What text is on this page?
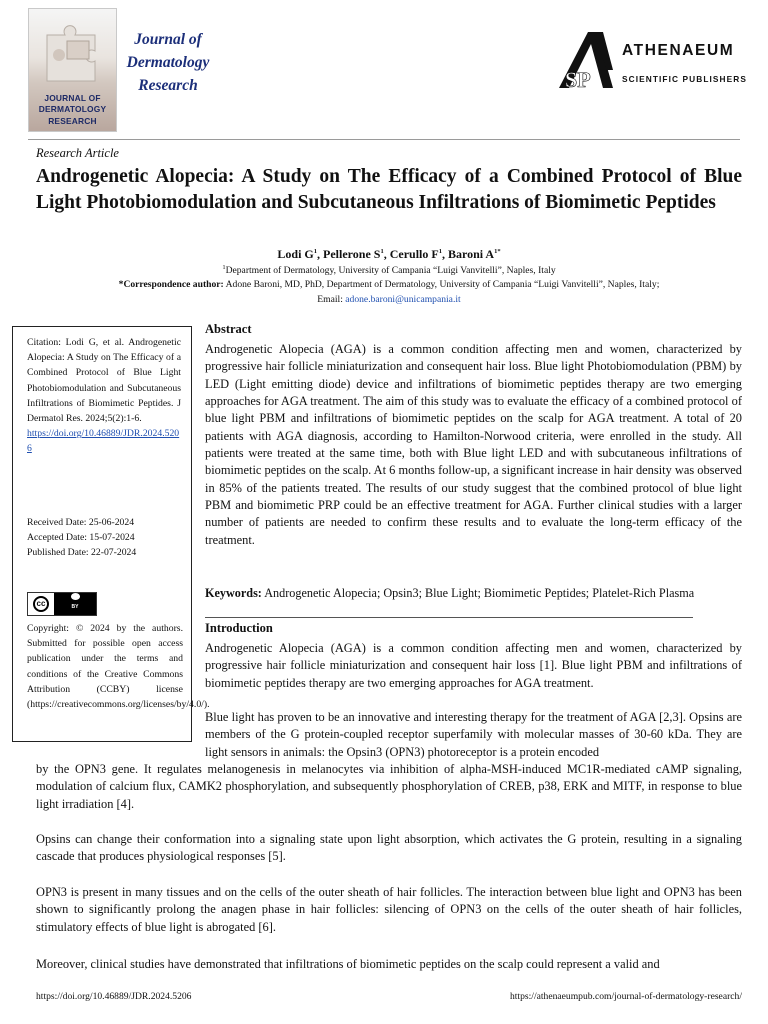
JOURNAL OF
DERMATOLOGY
RESEARCH
Journal of
Dermatology
Research	SP
ATHENAEUM
SCIENTIFIC PUBLISHERS
Research Article
Androgenetic Alopecia: A Study on The Efficacy of a Combined Protocol of Blue Light Photobiomodulation and Subcutaneous Infiltrations of Biomimetic Peptides
Lodi $G^1$, Pellerone $S^1$, Cerullo $F^1$, Baroni $A^{1*}$
$^1$Department of Dermatology, University of Campania “Luigi Vanvitelli”, Naples, Italy
*Correspondence author: Adone Baroni, MD, PhD, Department of Dermatology, University of Campania “Luigi Vanvitelli”, Naples, Italy;
Email: adone.baroni@unicampania.it
Citation: Lodi G, et al. Androgenetic Alopecia: A Study on The Efficacy of a Combined Protocol of Blue Light Photobiomodulation and Subcutaneous Infiltrations of Biomimetic Peptides. J Dermatol Res. 2024;5(2):1-6.
https://doi.org/10.46889/JDR.2024.5206
Received Date: 25-06-2024
Accepted Date: 15-07-2024
Published Date: 22-07-2024
cc	BY
Copyright: © 2024 by the authors. Submitted for possible open access publication under the terms and conditions of the Creative Commons Attribution (CCBY) license (https://creativecommons.org/licenses/by/4.0/).
Abstract

Androgenetic Alopecia (AGA) is a common condition affecting men and women, characterized by progressive hair follicle miniaturization and consequent hair loss. Blue light Photobiomodulation (PBM) by LED (Light emitting diode) device and infiltrations of biomimetic peptides therapy are two emerging approaches for AGA treatment. The aim of this study was to evaluate the efficacy of a combined protocol of blue light PBM and infiltrations of biomimetic peptides on the scalp for AGA treatment. A total of 20 patients with AGA diagnosis, according to Hamilton-Norwood criteria, were enrolled in the study. All patients were treated at the same time, both with Blue light LED and with subcutaneous infiltrations of biomimetic peptides on the scalp. At 6 months follow-up, a significant increase in hair density was observed in 85% of the patients treated. The results of our study suggest that the combined protocol of blue light PBM and biomimetic PRP could be an effective treatment for AGA. Further clinical studies with a larger number of patients are needed to confirm these results and to evaluate the long-term efficacy of the treatment.

Keywords: Androgenetic Alopecia; Opsin3; Blue Light; Biomimetic Peptides; Platelet-Rich Plasma
Introduction

Androgenetic Alopecia (AGA) is a common condition affecting men and women, characterized by progressive hair follicle miniaturization and consequent hair loss [1]. Blue light PBM and infiltrations of biomimetic peptides therapy are two emerging approaches for AGA treatment.

Blue light has proven to be an innovative and interesting therapy for the treatment of AGA [2,3]. Opsins are members of the G protein-coupled receptor superfamily with molecular masses of 30-60 kDa. They are light sensors in animals: the Opsin3 (OPN3) photoreceptor is a protein encoded

by the OPN3 gene. It regulates melanogenesis in melanocytes via inhibition of alpha-MSH-induced MC1R-mediated cAMP signaling, modulation of calcium flux, CAMK2 phosphorylation, and subsequently phosphorylation of CREB, p38, ERK and MITF, in response to blue light irradiation [4].

Opsins can change their conformation into a signaling state upon light absorption, which activates the G protein, resulting in a signaling cascade that produces physiological responses [5].

OPN3 is present in many tissues and on the cells of the outer sheath of hair follicles. The interaction between blue light and OPN3 has been shown to significantly prolong the anagen phase in hair follicles: silencing of OPN3 on the cells of the outer sheath of hair follicles, stimulatory effects of blue light is abrogated [6].

Moreover, clinical studies have demonstrated that infiltrations of biomimetic peptides on the scalp could represent a valid and

https://doi.org/10.46889/JDR.2024.5206	https://athenaeumpub.com/journal-of-dermatology-research/
